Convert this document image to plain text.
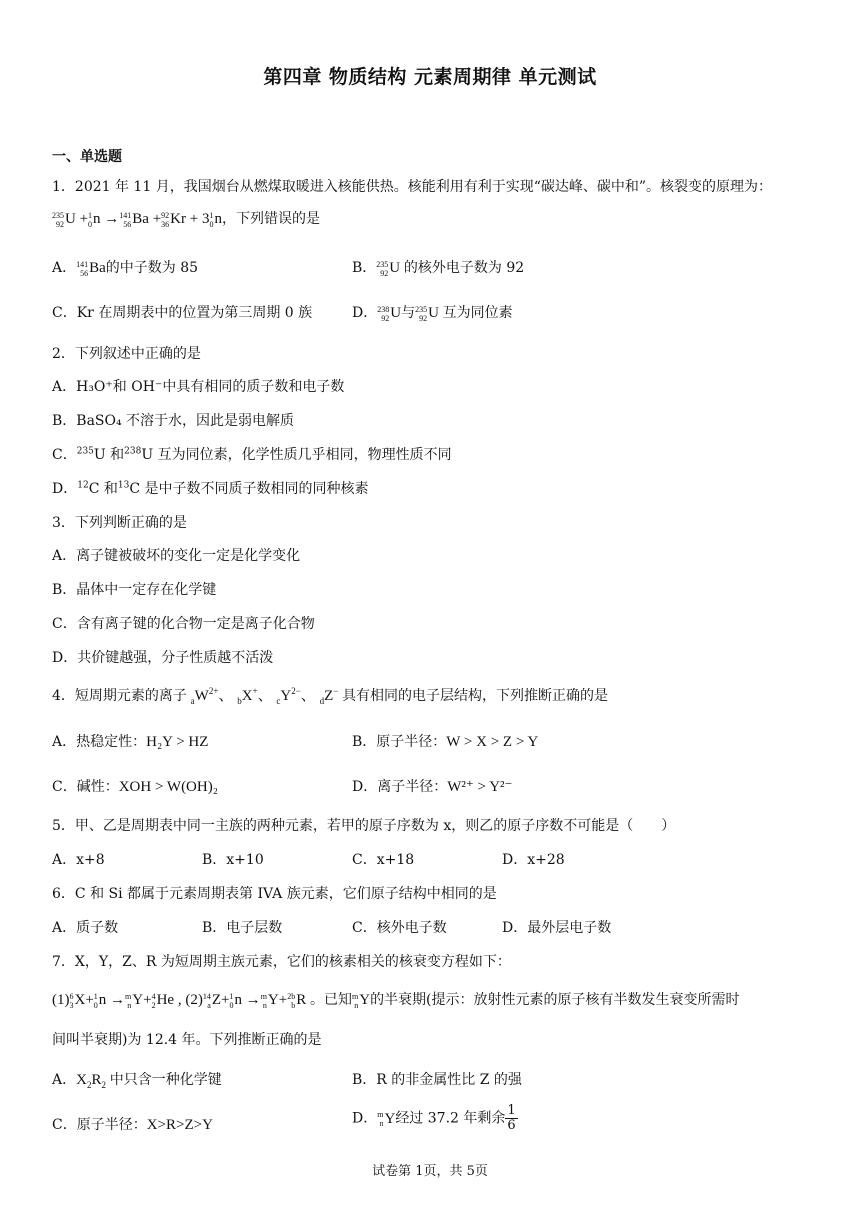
第四章 物质结构 元素周期律 单元测试
一、单选题
1．2021 年 11 月，我国烟台从燃煤取暖进入核能供热。核能利用有利于实现“碳达峰、碳中和”。核裂变的原理为：
235
92 U + 1
0 n → 141
56 Ba + 92
36 Kr + 3 1
0 n，下列错误的是
A． 141
56 Ba的中子数为 85	B． 235
92 U 的核外电子数为 92
C．Kr 在周期表中的位置为第三周期 0 族	D． 238
92 U与 235
92 U 互为同位素
2．下列叙述中正确的是
A．H₃O⁺和 OH⁻中具有相同的质子数和电子数
B．BaSO₄ 不溶于水，因此是弱电解质
C．$^{235}$U 和$^{238}$U 互为同位素，化学性质几乎相同，物理性质不同
D．$^{12}$C 和$^{13}$C 是中子数不同质子数相同的同种核素
3．下列判断正确的是
A．离子键被破坏的变化一定是化学变化
B．晶体中一定存在化学键
C．含有离子键的化合物一定是离子化合物
D．共价键越强，分子性质越不活泼
4．短周期元素的离子 $_aW^{2+}$、 $_b$X+、 $_cY^{2-}$、 $_d$Z− 具有相同的电子层结构，下列推断正确的是
A．热稳定性：H₂Y > HZ	B．原子半径：W > X > Z > Y
C．碱性：XOH > W(OH)₂	D．离子半径：W²⁺ > Y²⁻
5．甲、乙是周期表中同一主族的两种元素，若甲的原子序数为 x，则乙的原子序数不可能是（　　）
A．x+8	B．x+10	C．x+18	D．x+28
6．C 和 Si 都属于元素周期表第 IVA 族元素，它们原子结构中相同的是
A．质子数	B．电子层数	C．核外电子数	D．最外层电子数
7．X，Y，Z、R 为短周期主族元素，它们的核素相关的核衰变方程如下：
(1) 6
3 X+ 1
0 n → m
n Y+ 4
2 He , (2) 14
a Z+ 1
0 n → m
n Y+ 2b
b R 。已知 m
n Y的半衰期(提示：放射性元素的原子核有半数发生衰变所需时
间叫半衰期)为 12.4 年。下列推断正确的是
A．$X_2R_2$ 中只含一种化学键	B．R 的非金属性比 Z 的强
C．原子半径：X>R>Z>Y	D． m
n Y经过 37.2 年剩余 $\frac{1}{6}$
试卷第 1页，共 5页
